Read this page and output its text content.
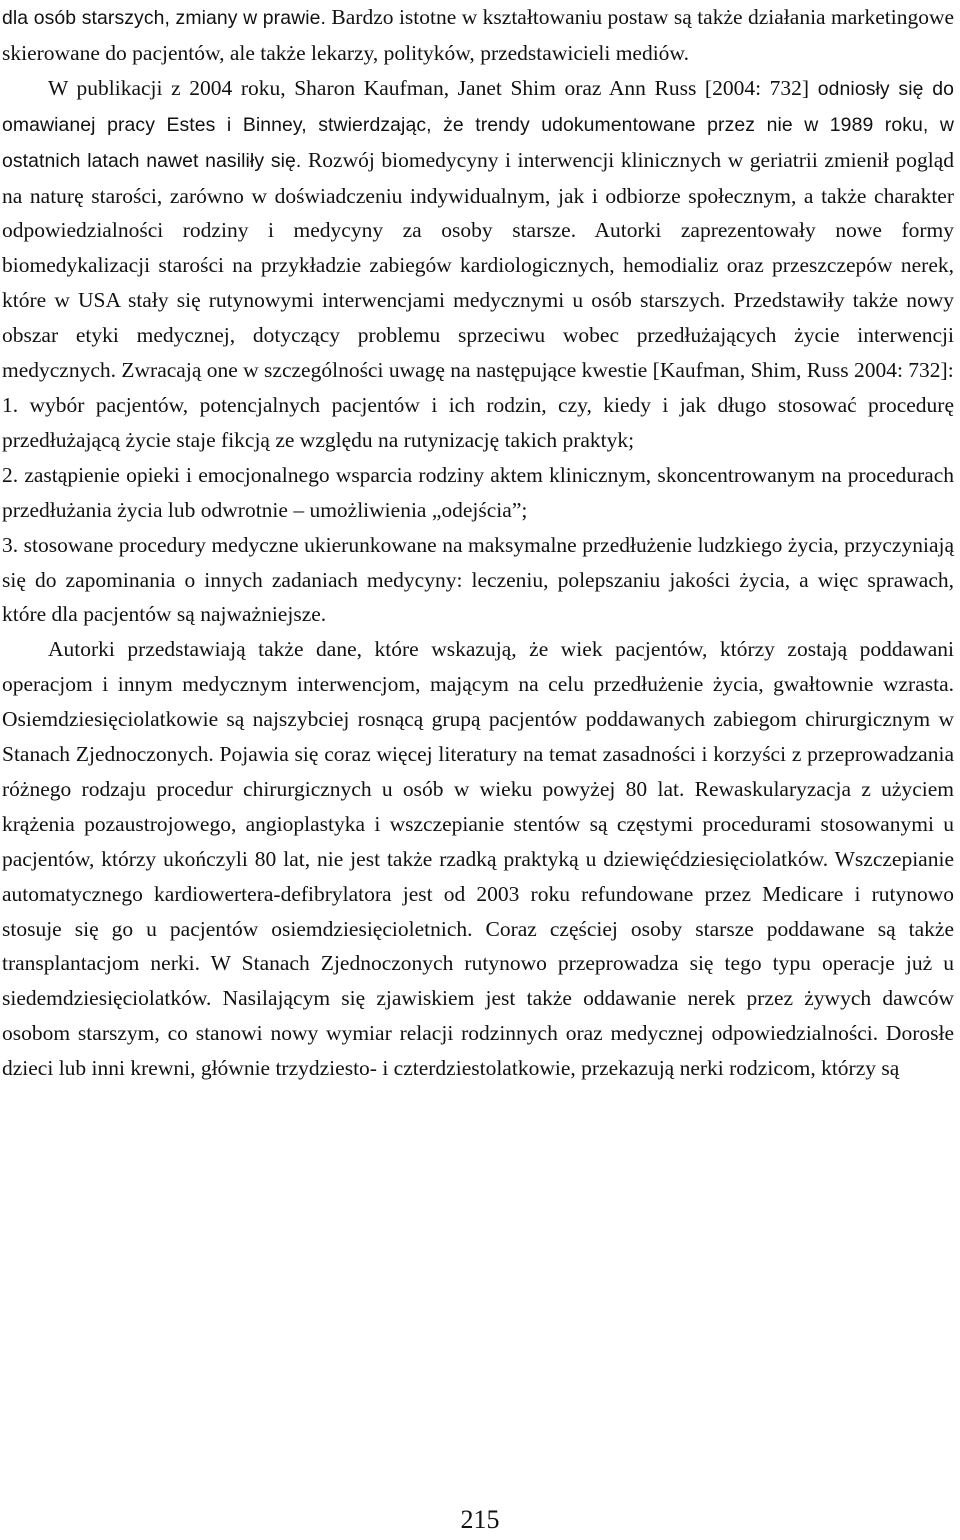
dla osób starszych, zmiany w prawie. Bardzo istotne w kształtowaniu postaw są także działania marketingowe skierowane do pacjentów, ale także lekarzy, polityków, przedstawicieli mediów.

W publikacji z 2004 roku, Sharon Kaufman, Janet Shim oraz Ann Russ [2004: 732] odniosły się do omawianej pracy Estes i Binney, stwierdzając, że trendy udokumentowane przez nie w 1989 roku, w ostatnich latach nawet nasiliły się. Rozwój biomedycyny i interwencji klinicznych w geriatrii zmienił pogląd na naturę starości, zarówno w doświadczeniu indywidualnym, jak i odbiorze społecznym, a także charakter odpowiedzialności rodziny i medycyny za osoby starsze. Autorki zaprezentowały nowe formy biomedykalizacji starości na przykładzie zabiegów kardiologicznych, hemodializ oraz przeszczepów nerek, które w USA stały się rutynowymi interwencjami medycznymi u osób starszych. Przedstawiły także nowy obszar etyki medycznej, dotyczący problemu sprzeciwu wobec przedłużających życie interwencji medycznych. Zwracają one w szczególności uwagę na następujące kwestie [Kaufman, Shim, Russ 2004: 732]:

1. wybór pacjentów, potencjalnych pacjentów i ich rodzin, czy, kiedy i jak długo stosować procedurę przedłużającą życie staje fikcją ze względu na rutynizację takich praktyk;

2. zastąpienie opieki i emocjonalnego wsparcia rodziny aktem klinicznym, skoncentrowanym na procedurach przedłużania życia lub odwrotnie – umożliwienia „odejścia”;

3. stosowane procedury medyczne ukierunkowane na maksymalne przedłużenie ludzkiego życia, przyczyniają się do zapominania o innych zadaniach medycyny: leczeniu, polepszaniu jakości życia, a więc sprawach, które dla pacjentów są najważniejsze.

Autorki przedstawiają także dane, które wskazują, że wiek pacjentów, którzy zostają poddawani operacjom i innym medycznym interwencjom, mającym na celu przedłużenie życia, gwałtownie wzrasta. Osiemdziesięciolatkowie są najszybciej rosnącą grupą pacjentów poddawanych zabiegom chirurgicznym w Stanach Zjednoczonych. Pojawia się coraz więcej literatury na temat zasadności i korzyści z przeprowadzania różnego rodzaju procedur chirurgicznych u osób w wieku powyżej 80 lat. Rewaskularyzacja z użyciem krążenia pozaustrojowego, angioplastyka i wszczepianie stentów są częstymi procedurami stosowanymi u pacjentów, którzy ukończyli 80 lat, nie jest także rzadką praktyką u dziewięćdziesięciolatków. Wszczepianie automatycznego kardiowertera-defibrylatora jest od 2003 roku refundowane przez Medicare i rutynowo stosuje się go u pacjentów osiemdziesięcioletnich. Coraz częściej osoby starsze poddawane są także transplantacjom nerki. W Stanach Zjednoczonych rutynowo przeprowadza się tego typu operacje już u siedemdziesięciolatków. Nasilającym się zjawiskiem jest także oddawanie nerek przez żywych dawców osobom starszym, co stanowi nowy wymiar relacji rodzinnych oraz medycznej odpowiedzialności. Dorosłe dzieci lub inni krewni, głównie trzydziesto- i czterdziestolatkowie, przekazują nerki rodzicom, którzy są

215
